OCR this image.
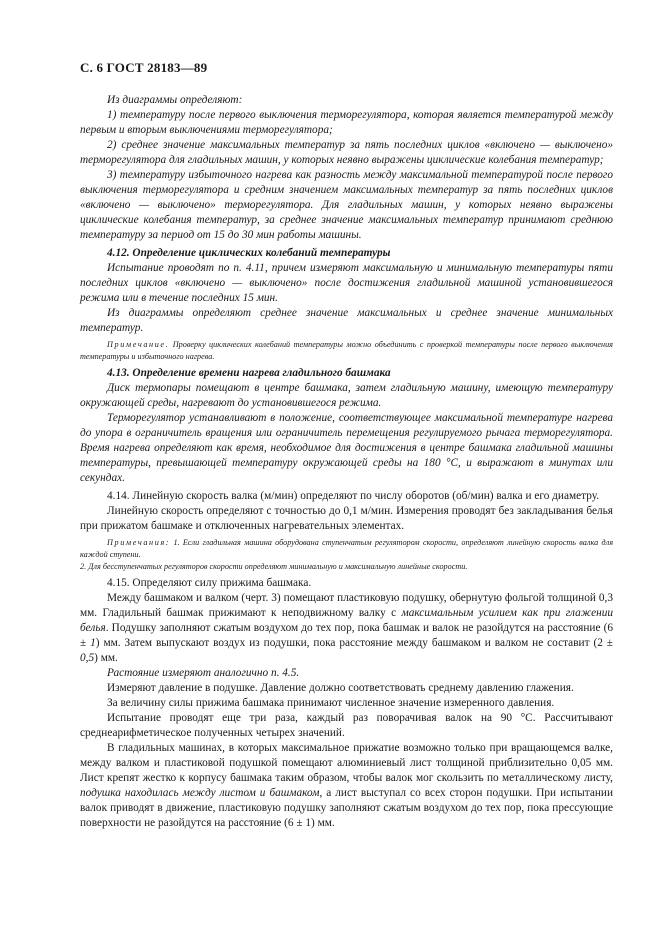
С. 6 ГОСТ 28183—89

Из диаграммы определяют:

1) температуру после первого выключения терморегулятора, которая является температурой между первым и вторым выключениями терморегулятора;

2) среднее значение максимальных температур за пять последних циклов «включено — выключено» терморегулятора для гладильных машин, у которых неявно выражены циклические колебания температур;

3) температуру избыточного нагрева как разность между максимальной температурой после первого выключения терморегулятора и средним значением максимальных температур за пять последних циклов «включено — выключено» терморегулятора. Для гладильных машин, у которых неявно выражены циклические колебания температур, за среднее значение максимальных температур принимают среднюю температуру за период от 15 до 30 мин работы машины.

4.12. Определение циклических колебаний температуры

Испытание проводят по п. 4.11, причем измеряют максимальную и минимальную температуры пяти последних циклов «включено — выключено» после достижения гладильной машиной установившегося режима или в течение последних 15 мин.

Из диаграммы определяют среднее значение максимальных и среднее значение минимальных температур.

Примечание. Проверку циклических колебаний температуры можно объединить с проверкой температуры после первого выключения температуры и избыточного нагрева.

4.13. Определение времени нагрева гладильного башмака

Диск термопары помещают в центре башмака, затем гладильную машину, имеющую температуру окружающей среды, нагревают до установившегося режима.

Терморегулятор устанавливают в положение, соответствующее максимальной температуре нагрева до упора в ограничитель вращения или ограничитель перемещения регулируемого рычага терморегулятора. Время нагрева определяют как время, необходимое для достижения в центре башмака гладильной машины температуры, превышающей температуру окружающей среды на 180 °С, и выражают в минутах или секундах.

4.14. Линейную скорость валка (м/мин) определяют по числу оборотов (об/мин) валка и его диаметру.

Линейную скорость определяют с точностью до 0,1 м/мин. Измерения проводят без закладывания белья при прижатом башмаке и отключенных нагревательных элементах.

Примечания: 1. Если гладильная машина оборудована ступенчатым регулятором скорости, определяют линейную скорость валка для каждой ступени.
2. Для бесступенчатых регуляторов скорости определяют минимальную и максимальную линейные скорости.

4.15. Определяют силу прижима башмака.

Между башмаком и валком (черт. 3) помещают пластиковую подушку, обернутую фольгой толщиной 0,3 мм. Гладильный башмак прижимают к неподвижному валку с максимальным усилием как при глажении белья. Подушку заполняют сжатым воздухом до тех пор, пока башмак и валок не разойдутся на расстояние (6 ± 1) мм. Затем выпускают воздух из подушки, пока расстояние между башмаком и валком не составит (2 ± 0,5) мм.

Растояние измеряют аналогично п. 4.5.

Измеряют давление в подушке. Давление должно соответствовать среднему давлению глажения.

За величину силы прижима башмака принимают численное значение измеренного давления.

Испытание проводят еще три раза, каждый раз поворачивая валок на 90 °С. Рассчитывают среднеарифметическое полученных четырех значений.

В гладильных машинах, в которых максимальное прижатие возможно только при вращающемся валке, между валком и пластиковой подушкой помещают алюминиевый лист толщиной приблизительно 0,05 мм. Лист крепят жестко к корпусу башмака таким образом, чтобы валок мог скользить по металлическому листу, подушка находилась между листом и башмаком, а лист выступал со всех сторон подушки. При испытании валок приводят в движение, пластиковую подушку заполняют сжатым воздухом до тех пор, пока прессующие поверхности не разойдутся на расстояние (6 ± 1) мм.
